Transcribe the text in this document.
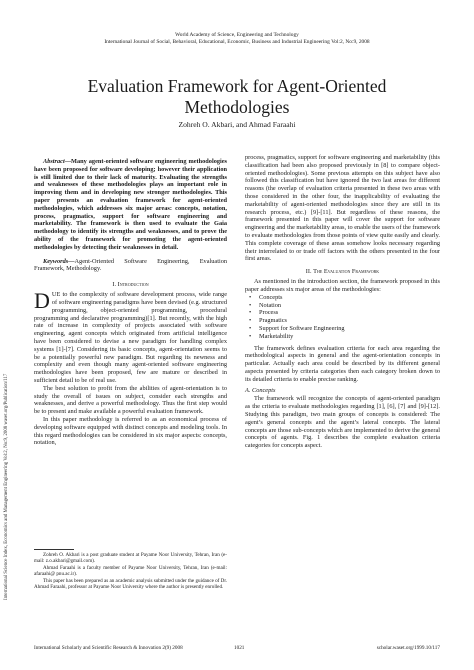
World Academy of Science, Engineering and Technology
International Journal of Social, Behavioral, Educational, Economic, Business and Industrial Engineering Vol:2, No:9, 2008
Evaluation Framework for Agent-Oriented
Methodologies
Zohreh O. Akbari, and Ahmad Faraahi
International Science Index, Economics and Management Engineering Vol:2, No:9, 2008 waset.org/Publication/117

Abstract—Many agent-oriented software engineering methodologies have been proposed for software developing; however their application is still limited due to their lack of maturity. Evaluating the strengths and weaknesses of these methodologies plays an important role in improving them and in developing new stronger methodologies. This paper presents an evaluation framework for agent-oriented methodologies, which addresses six major areas: concepts, notation, process, pragmatics, support for software engineering and marketability. The framework is then used to evaluate the Gaia methodology to identify its strengths and weaknesses, and to prove the ability of the framework for promoting the agent-oriented methodologies by detecting their weaknesses in detail.

Keywords—Agent-Oriented Software Engineering, Evaluation Framework, Methodology.

I. Introduction

DUE to the complexity of software development process, wide range of software engineering paradigms have been devised (e.g. structured programming, object-oriented programming, procedural programming and declarative programming)[1]. But recently, with the high rate of increase in complexity of projects associated with software engineering, agent concepts which originated from artificial intelligence have been considered to devise a new paradigm for handling complex systems [1]-[7]. Considering its basic concepts, agent-orientation seems to be a potentially powerful new paradigm. But regarding its newness and complexity and even though many agent-oriented software engineering methodologies have been proposed, few are mature or described in sufficient detail to be of real use.

The best solution to profit from the abilities of agent-orientation is to study the overall of issues on subject, consider each strengths and weaknesses, and derive a powerful methodology. Thus the first step would be to present and make available a powerful evaluation framework.

In this paper methodology is referred to as an economical process of developing software equipped with distinct concepts and modeling tools. In this regard methodologies can be considered in six major aspects: concepts, notation,

Zohreh O. Akbari is a post graduate student at Payame Noor University, Tehran, Iran (e-mail: z.o.akbari@gmail.com).

Ahmad Faraahi is a faculty member of Payame Noor University, Tehran, Iran (e-mail: afaraahi@ pnu.ac.ir).

This paper has been prepared as an academic analysis submitted under the guidance of Dr. Ahmad Faraahi, professor at Payame Noor University where the author is presently enrolled.

process, pragmatics, support for software engineering and marketability (this classification had been also proposed previously in [8] to compare object-oriented methodologies). Some previous attempts on this subject have also followed this classification but have ignored the two last areas for different reasons (the overlap of evaluation criteria presented in these two areas with those considered in the other four, the inapplicability of evaluating the marketability of agent-oriented methodologies since they are still in its research process, etc.) [9]-[11]. But regardless of these reasons, the framework presented in this paper will cover the support for software engineering and the marketability areas, to enable the users of the framework to evaluate methodologies from those points of view quite easily and clearly. This complete coverage of these areas somehow looks necessary regarding their interrelated to or trade off factors with the others presented in the four first areas.

II. The Evaluation Framework

As mentioned in the introduction section, the framework proposed in this paper addresses six major areas of the methodologies:

• Concepts
• Notation
• Process
• Pragmatics
• Support for Software Engineering
• Marketability

The framework defines evaluation criteria for each area regarding the methodological aspects in general and the agent-orientation concepts in particular. Actually each area could be described by its different general aspects presented by criteria categories then each category broken down to its detailed criteria to enable precise ranking.

A. Concepts

The framework will recognize the concepts of agent-oriented paradigm as the criteria to evaluate methodologies regarding [1], [6], [7] and [9]-[12]. Studying this paradigm, two main groups of concepts is considered: The agent’s general concepts and the agent’s lateral concepts. The lateral concepts are those sub-concepts which are implemented to derive the general concepts of agents. Fig. 1 describes the complete evaluation criteria categories for concepts aspect.

International Scholarly and Scientific Research & Innovation 2(9) 2008	1021	scholar.waset.org/1999.10/117
